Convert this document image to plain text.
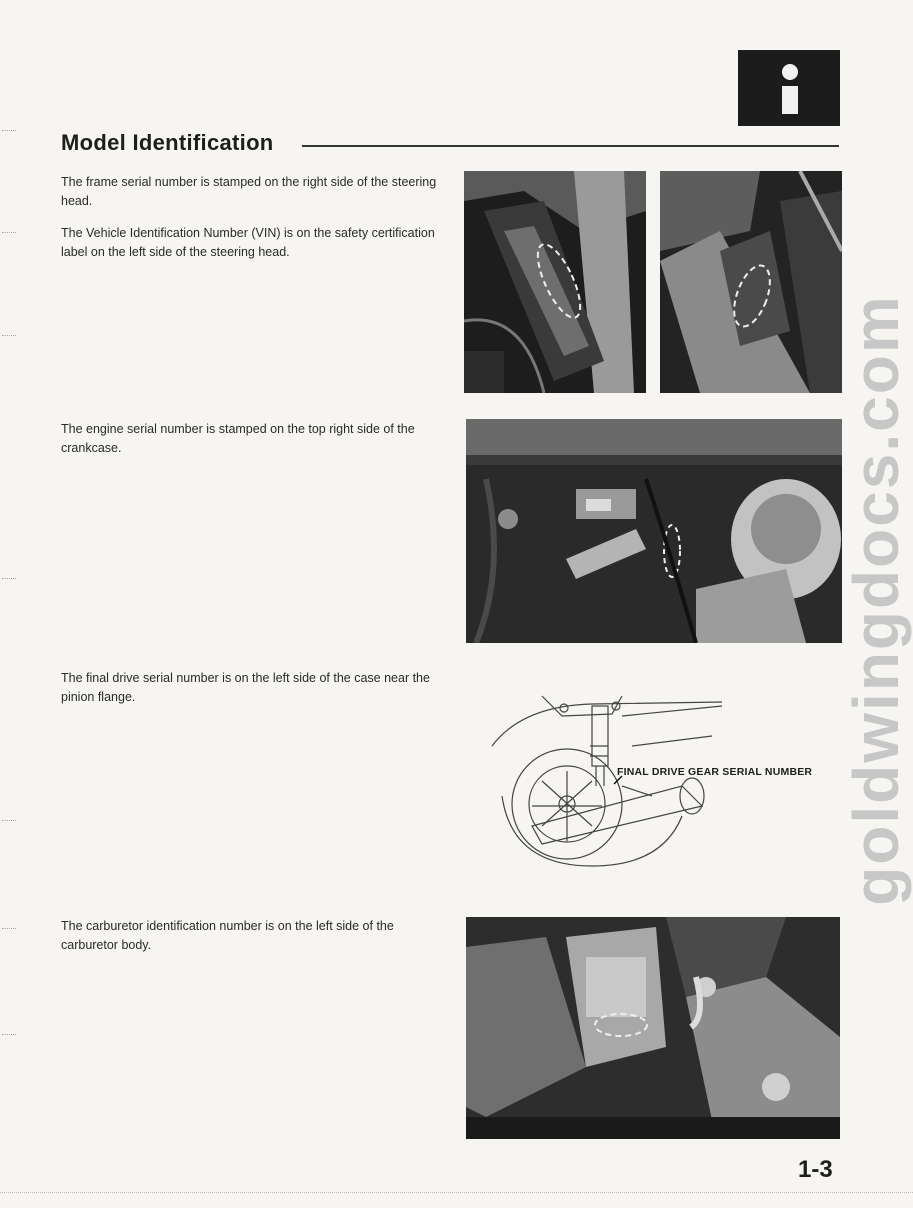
Model Identification

The frame serial number is stamped on the right side of the steering head.

The Vehicle Identification Number (VIN) is on the safety certification label on the left side of the steering head.

The engine serial number is stamped on the top right side of the crankcase.

The final drive serial number is on the left side of the case near the pinion flange.

The carburetor identification number is on the left side of the carburetor body.

FINAL DRIVE GEAR SERIAL NUMBER goldwingdocs.com
1-3
